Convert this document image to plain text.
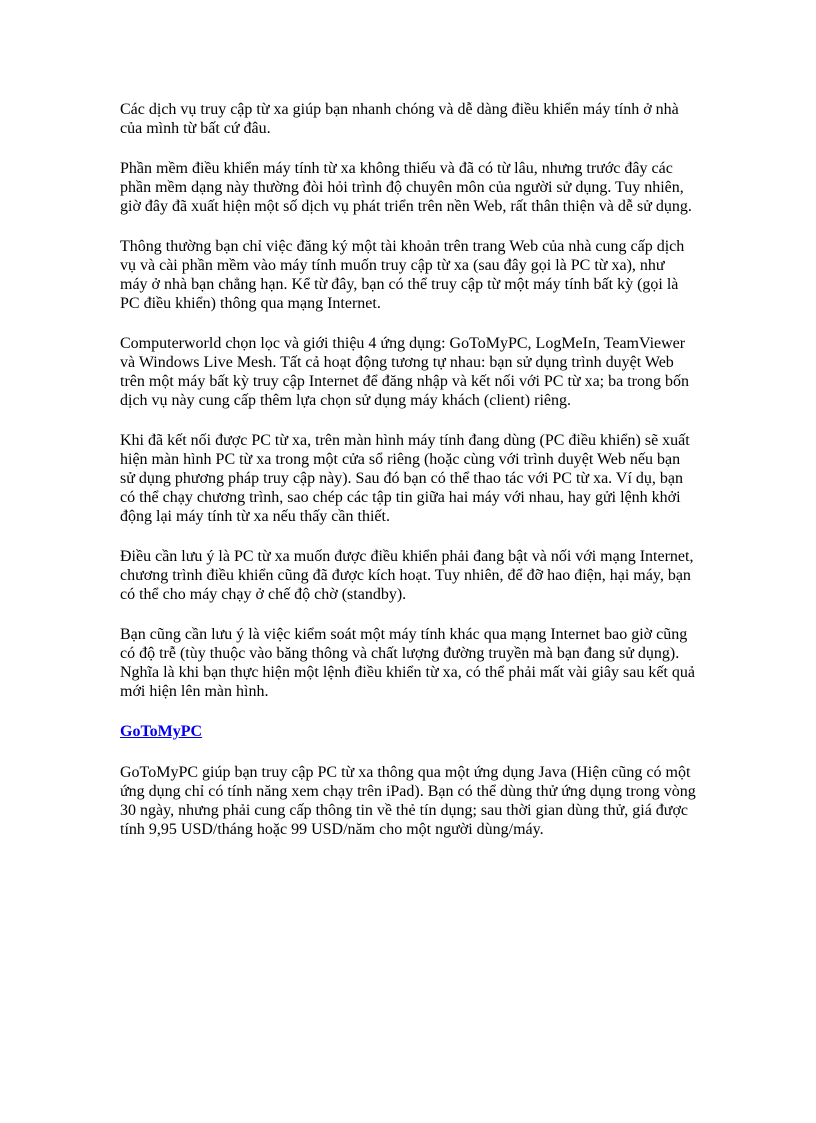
Các dịch vụ truy cập từ xa giúp bạn nhanh chóng và dễ dàng điều khiển máy tính ở nhà
của mình từ bất cứ đâu.

Phần mềm điều khiển máy tính từ xa không thiếu và đã có từ lâu, nhưng trước đây các
phần mềm dạng này thường đòi hỏi trình độ chuyên môn của người sử dụng. Tuy nhiên,
giờ đây đã xuất hiện một số dịch vụ phát triển trên nền Web, rất thân thiện và dễ sử dụng.

Thông thường bạn chỉ việc đăng ký một tài khoản trên trang Web của nhà cung cấp dịch
vụ và cài phần mềm vào máy tính muốn truy cập từ xa (sau đây gọi là PC từ xa), như
máy ở nhà bạn chẳng hạn. Kể từ đây, bạn có thể truy cập từ một máy tính bất kỳ (gọi là
PC điều khiển) thông qua mạng Internet.

Computerworld chọn lọc và giới thiệu 4 ứng dụng: GoToMyPC, LogMeIn, TeamViewer
và Windows Live Mesh. Tất cả hoạt động tương tự nhau: bạn sử dụng trình duyệt Web
trên một máy bất kỳ truy cập Internet để đăng nhập và kết nối với PC từ xa; ba trong bốn
dịch vụ này cung cấp thêm lựa chọn sử dụng máy khách (client) riêng.

Khi đã kết nối được PC từ xa, trên màn hình máy tính đang dùng (PC điều khiển) sẽ xuất
hiện màn hình PC từ xa trong một cửa sổ riêng (hoặc cùng với trình duyệt Web nếu bạn
sử dụng phương pháp truy cập này). Sau đó bạn có thể thao tác với PC từ xa. Ví dụ, bạn
có thể chạy chương trình, sao chép các tập tin giữa hai máy với nhau, hay gửi lệnh khởi
động lại máy tính từ xa nếu thấy cần thiết.

Điều cần lưu ý là PC từ xa muốn được điều khiển phải đang bật và nối với mạng Internet,
chương trình điều khiển cũng đã được kích hoạt. Tuy nhiên, để đỡ hao điện, hại máy, bạn
có thể cho máy chạy ở chế độ chờ (standby).

Bạn cũng cần lưu ý là việc kiểm soát một máy tính khác qua mạng Internet bao giờ cũng
có độ trễ (tùy thuộc vào băng thông và chất lượng đường truyền mà bạn đang sử dụng).
Nghĩa là khi bạn thực hiện một lệnh điều khiển từ xa, có thể phải mất vài giây sau kết quả
mới hiện lên màn hình.

GoToMyPC

GoToMyPC giúp bạn truy cập PC từ xa thông qua một ứng dụng Java (Hiện cũng có một
ứng dụng chỉ có tính năng xem chạy trên iPad). Bạn có thể dùng thử ứng dụng trong vòng
30 ngày, nhưng phải cung cấp thông tin về thẻ tín dụng; sau thời gian dùng thử, giá được
tính 9,95 USD/tháng hoặc 99 USD/năm cho một người dùng/máy.
